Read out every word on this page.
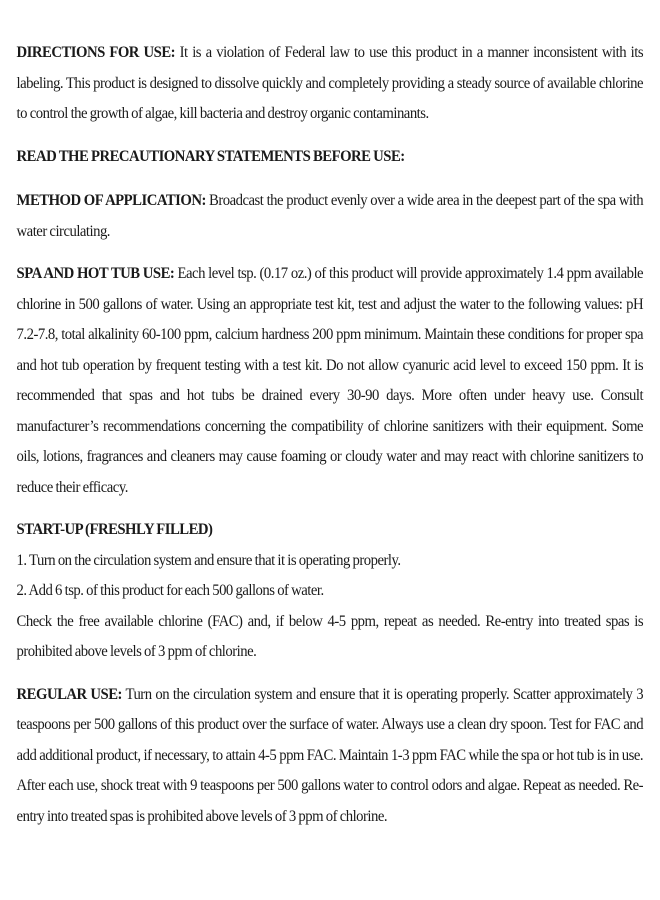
DIRECTIONS FOR USE: It is a violation of Federal law to use this product in a manner inconsistent with its labeling. This product is designed to dissolve quickly and completely providing a steady source of available chlorine to control the growth of algae, kill bacteria and destroy organic contaminants.

READ THE PRECAUTIONARY STATEMENTS BEFORE USE:

METHOD OF APPLICATION: Broadcast the product evenly over a wide area in the deepest part of the spa with water circulating.

SPA AND HOT TUB USE: Each level tsp. (0.17 oz.) of this product will provide approximately 1.4 ppm available chlorine in 500 gallons of water. Using an appropriate test kit, test and adjust the water to the following values: pH 7.2-7.8, total alkalinity 60-100 ppm, calcium hardness 200 ppm minimum. Maintain these conditions for proper spa and hot tub operation by frequent testing with a test kit. Do not allow cyanuric acid level to exceed 150 ppm. It is recommended that spas and hot tubs be drained every 30-90 days. More often under heavy use. Consult manufacturer’s recommendations concerning the compatibility of chlorine sanitizers with their equipment. Some oils, lotions, fragrances and cleaners may cause foaming or cloudy water and may react with chlorine sanitizers to reduce their efficacy.

START-UP (FRESHLY FILLED)
1. Turn on the circulation system and ensure that it is operating properly.
2. Add 6 tsp. of this product for each 500 gallons of water.
Check the free available chlorine (FAC) and, if below 4-5 ppm, repeat as needed. Re-entry into treated spas is prohibited above levels of 3 ppm of chlorine.

REGULAR USE: Turn on the circulation system and ensure that it is operating properly. Scatter approximately 3 teaspoons per 500 gallons of this product over the surface of water. Always use a clean dry spoon. Test for FAC and add additional product, if necessary, to attain 4-5 ppm FAC. Maintain 1-3 ppm FAC while the spa or hot tub is in use. After each use, shock treat with 9 teaspoons per 500 gallons water to control odors and algae. Repeat as needed. Re-entry into treated spas is prohibited above levels of 3 ppm of chlorine.
